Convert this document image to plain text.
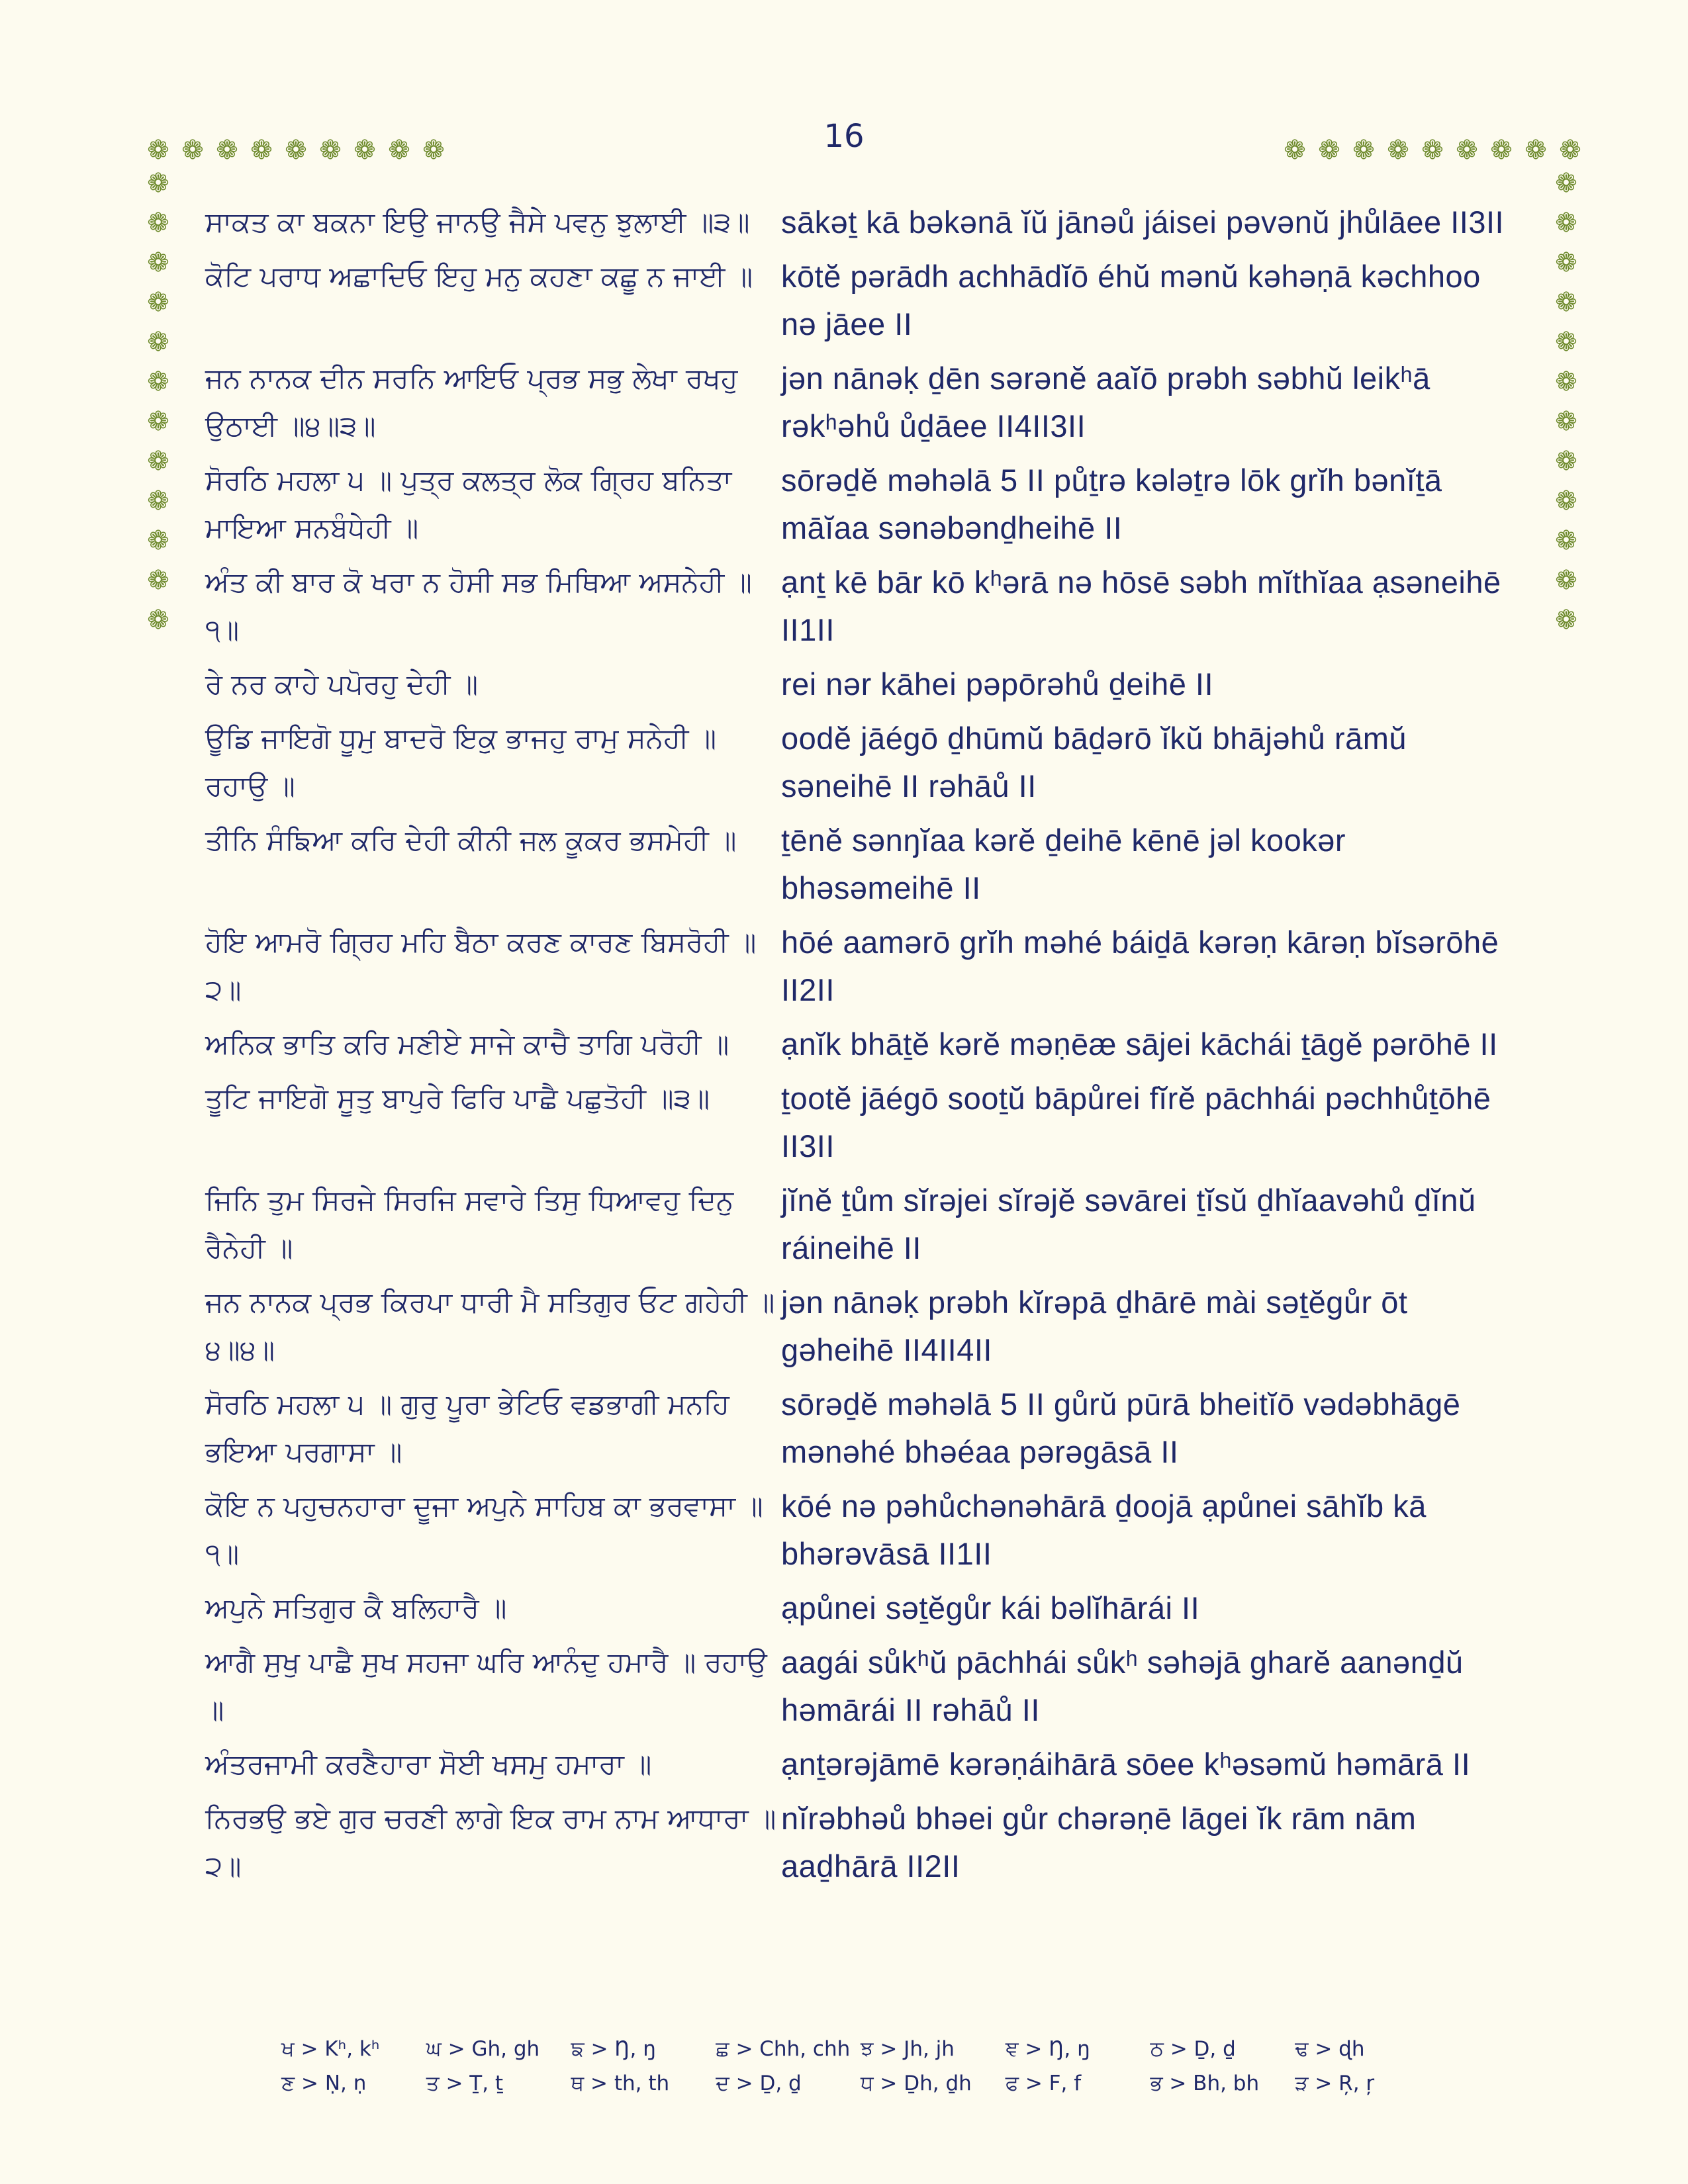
16
❁ ❁ ❁ ❁ ❁ ❁ ❁ ❁ ❁	❁ ❁ ❁ ❁ ❁ ❁ ❁ ❁ ❁
❁
❁
❁
❁
❁
❁
❁
❁
❁
❁
❁
❁
❁
❁
❁
❁
❁
❁
❁
❁
❁
❁
❁
❁
ਸਾਕਤ ਕਾ ਬਕਨਾ ਇਉ ਜਾਨਉ ਜੈਸੇ ਪਵਨੁ ਝੁਲਾਈ ॥੩॥	sākəṯ kā bəkənā ĭŭ jānəů jáisei pəvənŭ jhůlāee II3II
ਕੋਟਿ ਪਰਾਧ ਅਛਾਦਿਓ ਇਹੁ ਮਨੁ ਕਹਣਾ ਕਛੂ ਨ ਜਾਈ ॥ kōtĕ pərādh achhādĭō éhŭ mənŭ kəhəṇā kəchhoo nə jāee II
ਜਨ ਨਾਨਕ ਦੀਨ ਸਰਨਿ ਆਇਓ ਪ੍ਰਭ ਸਭੁ ਲੇਖਾ ਰਖਹੁ ਉਠਾਈ ॥੪॥੩॥
jən nānəḳ ḏēn sərənĕ aaĭō prəbh səbhŭ leikʰā rəkʰəhů ůḏāee II4II3II
ਸੋਰਠਿ ਮਹਲਾ ੫ ॥ ਪੁਤ੍ਰ ਕਲਤ੍ਰ ਲੋਕ ਗ੍ਰਿਹ ਬਨਿਤਾ ਮਾਇਆ ਸਨਬੰਧੇਹੀ ॥
sōrəḏĕ məhəlā 5 II půṯrə kələṯrə lōk grĭh bənĭṯā māĭaa sənəbənḏheihē II
ਅੰਤ ਕੀ ਬਾਰ ਕੋ ਖਰਾ ਨ ਹੋਸੀ ਸਭ ਮਿਥਿਆ ਅਸਨੇਹੀ ॥੧॥
ạnṯ kē bār kō kʰərā nə hōsē səbh mĭthĭaa ạsəneihē II1II
ਰੇ ਨਰ ਕਾਹੇ ਪਪੋਰਹੁ ਦੇਹੀ ॥	rei nər kāhei pəpōrəhů ḏeihē II
ਊਡਿ ਜਾਇਗੋ ਧੂਮੁ ਬਾਦਰੋ ਇਕੁ ਭਾਜਹੁ ਰਾਮੁ ਸਨੇਹੀ ॥ ਰਹਾਉ ॥
oodĕ jāégō ḏhūmŭ bāḏərō ĭkŭ bhājəhů rāmŭ səneihē II rəhāů II
ਤੀਨਿ ਸੰਙਿਆ ਕਰਿ ਦੇਹੀ ਕੀਨੀ ਜਲ ਕੂਕਰ ਭਸਮੇਹੀ ॥	ṯēnĕ sənŋĭaa kərĕ ḏeihē kēnē jəl kookər bhəsəmeihē II
ਹੋਇ ਆਮਰੋ ਗ੍ਰਿਹ ਮਹਿ ਬੈਠਾ ਕਰਣ ਕਾਰਣ ਬਿਸਰੋਹੀ ॥੨॥
hōé aamərō grĭh məhé báiḏā kərəṇ kārəṇ bĭsərōhē II2II
ਅਨਿਕ ਭਾਤਿ ਕਰਿ ਮਣੀਏ ਸਾਜੇ ਕਾਚੈ ਤਾਗਿ ਪਰੋਹੀ ॥	ạnĭk bhāṯĕ kərĕ məṇēæ sājei kāchái ṯāgĕ pərōhē II
ਤੂਟਿ ਜਾਇਗੋ ਸੂਤੁ ਬਾਪੁਰੇ ਫਿਰਿ ਪਾਛੈ ਪਛੁਤੋਹੀ ॥੩॥	ṯootĕ jāégō sooṯŭ bāpůrei fĭrĕ pāchhái pəchhůṯōhē II3II
ਜਿਨਿ ਤੁਮ ਸਿਰਜੇ ਸਿਰਜਿ ਸਵਾਰੇ ਤਿਸੁ ਧਿਆਵਹੁ ਦਿਨੁ ਰੈਨੇਹੀ ॥
jĭnĕ ṯům sĭrəjei sĭrəjĕ səvārei ṯĭsŭ ḏhĭaavəhů ḏĭnŭ ráineihē II
ਜਨ ਨਾਨਕ ਪ੍ਰਭ ਕਿਰਪਾ ਧਾਰੀ ਮੈ ਸਤਿਗੁਰ ਓਟ ਗਹੇਹੀ ॥੪॥੪॥
jən nānəḳ prəbh kĭrəpā ḏhārē mài səṯĕgůr ōt gəheihē II4II4II
ਸੋਰਠਿ ਮਹਲਾ ੫ ॥ ਗੁਰੁ ਪੂਰਾ ਭੇਟਿਓ ਵਡਭਾਗੀ ਮਨਹਿ ਭਇਆ ਪਰਗਾਸਾ ॥
sōrəḏĕ məhəlā 5 II gůrŭ pūrā bheitĭō vədəbhāgē mənəhé bhəéaa pərəgāsā II
ਕੋਇ ਨ ਪਹੁਚਨਹਾਰਾ ਦੂਜਾ ਅਪੁਨੇ ਸਾਹਿਬ ਕਾ ਭਰਵਾਸਾ ॥੧॥
kōé nə pəhůchənəhārā ḏoojā ạpůnei sāhĭb kā bhərəvāsā II1II
ਅਪੁਨੇ ਸਤਿਗੁਰ ਕੈ ਬਲਿਹਾਰੈ ॥	ạpůnei səṯĕgůr kái bəlĭhārái II
ਆਗੈ ਸੁਖੁ ਪਾਛੈ ਸੁਖ ਸਹਜਾ ਘਰਿ ਆਨੰਦੁ ਹਮਾਰੈ ॥ ਰਹਾਉ ॥
aagái sůkʰŭ pāchhái sůkʰ səhəjā gharĕ aanənḏŭ həmārái II rəhāů II
ਅੰਤਰਜਾਮੀ ਕਰਣੈਹਾਰਾ ਸੋਈ ਖਸਮੁ ਹਮਾਰਾ ॥	ạnṯərəjāmē kərəṇáihārā sōee kʰəsəmŭ həmārā II
ਨਿਰਭਉ ਭਏ ਗੁਰ ਚਰਣੀ ਲਾਗੇ ਇਕ ਰਾਮ ਨਾਮ ਆਧਾਰਾ ॥੨॥
nĭrəbhəů bhəei gůr chərəṇē lāgei ĭk rām nām aaḏhārā II2II
ਖ > Kʰ, kʰ	ਘ > Gh, gh	ਙ > Ŋ, ŋ	ਛ > Chh, chh ਝ > Jh, jh	ਞ > Ŋ, ŋ	ਠ > Ḏ, ḏ	ਢ > ɖh
ਣ > Ṇ, ṇ	ਤ > Ṯ, ṯ	ਥ > th, th	ਦ > Ḏ, ḏ	ਧ > Ḏh, ḏh	ਫ > F, f	ਭ > Bh, bh	ੜ > Ŗ, ŗ
